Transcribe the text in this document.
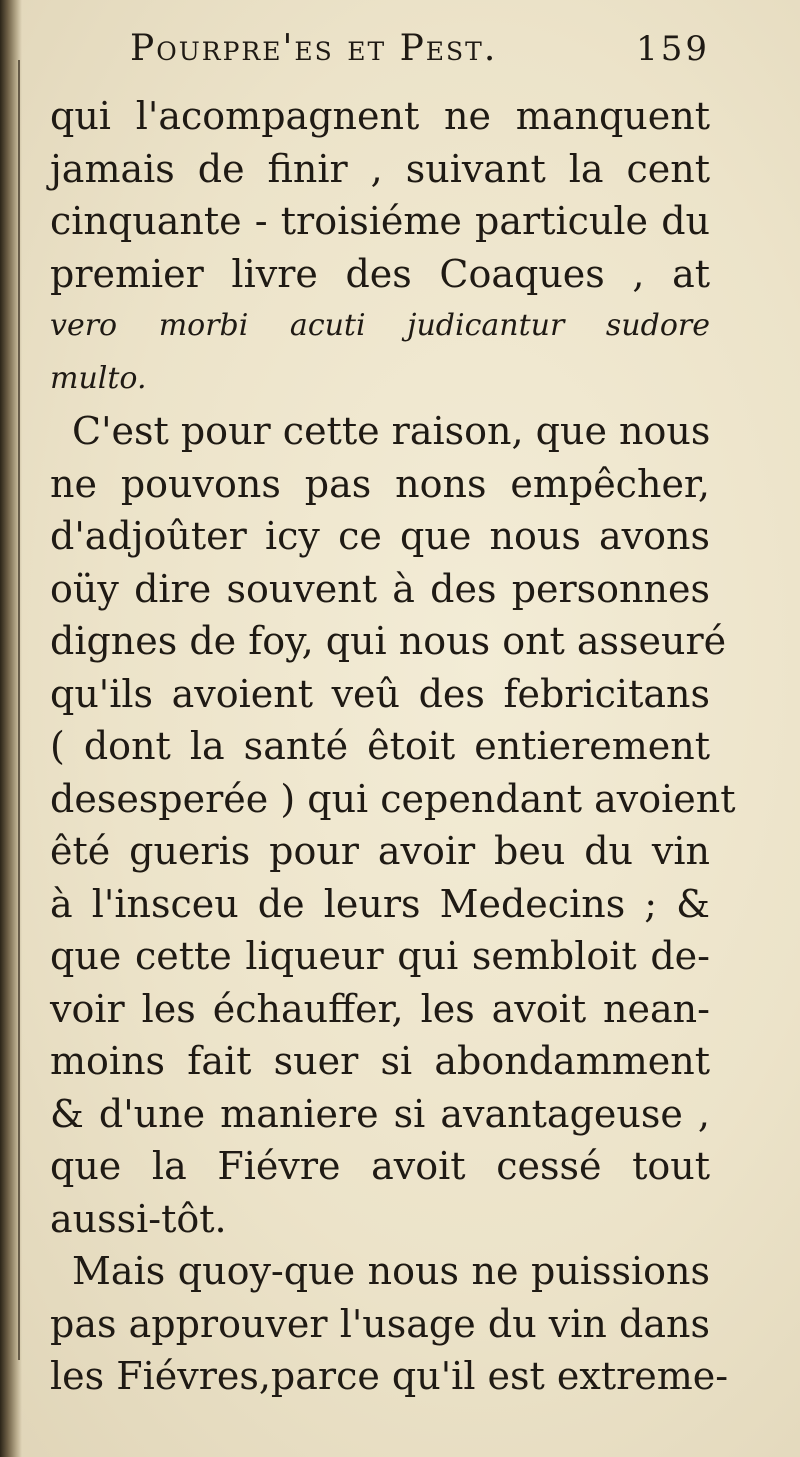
Pourpre'es et Pest.	159
qui l'acompagnent ne manquent
jamais de finir , suivant la cent
cinquante - troisiéme particule du
premier livre des Coaques , at
vero morbi acuti judicantur sudore
multo.
C'est pour cette raison, que nous
ne pouvons pas nons empêcher,
d'adjoûter icy ce que nous avons
oüy dire souvent à des personnes
dignes de foy, qui nous ont asseuré
qu'ils avoient veû des febricitans
( dont la santé êtoit entierement
desesperée ) qui cependant avoient
êté gueris pour avoir beu du vin
à l'insceu de leurs Medecins ; &
que cette liqueur qui sembloit de-
voir les échauffer, les avoit nean-
moins fait suer si abondamment
& d'une maniere si avantageuse ,
que la Fiévre avoit cessé tout
aussi-tôt.
Mais quoy-que nous ne puissions
pas approuver l'usage du vin dans
les Fiévres,parce qu'il est extreme-
